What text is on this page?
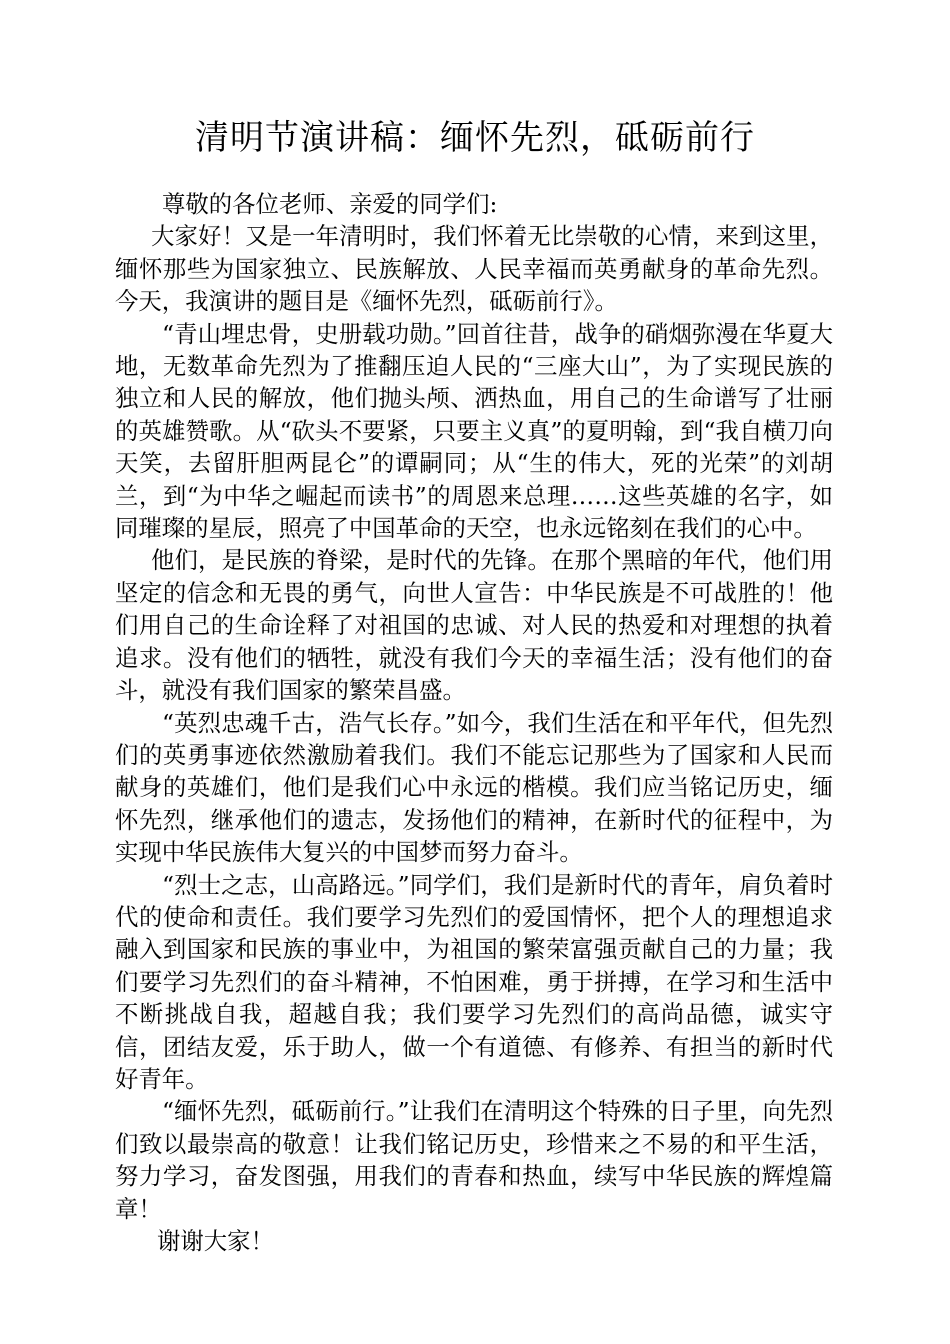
清明节演讲稿：缅怀先烈，砥砺前行

尊敬的各位老师、亲爱的同学们:

大家好！又是一年清明时，我们怀着无比崇敬的心情，来到这里，缅怀那些为国家独立、民族解放、人民幸福而英勇献身的革命先烈。今天，我演讲的题目是《缅怀先烈，砥砺前行》。

“青山埋忠骨，史册载功勋。”回首往昔，战争的硝烟弥漫在华夏大地，无数革命先烈为了推翻压迫人民的“三座大山”，为了实现民族的独立和人民的解放，他们抛头颅、洒热血，用自己的生命谱写了壮丽的英雄赞歌。从“砍头不要紧，只要主义真”的夏明翰，到“我自横刀向天笑，去留肝胆两昆仑”的谭嗣同；从“生的伟大，死的光荣”的刘胡兰，到“为中华之崛起而读书”的周恩来总理……这些英雄的名字，如同璀璨的星辰，照亮了中国革命的天空，也永远铭刻在我们的心中。

他们，是民族的脊梁，是时代的先锋。在那个黑暗的年代，他们用坚定的信念和无畏的勇气，向世人宣告：中华民族是不可战胜的！他们用自己的生命诠释了对祖国的忠诚、对人民的热爱和对理想的执着追求。没有他们的牺牲，就没有我们今天的幸福生活；没有他们的奋斗，就没有我们国家的繁荣昌盛。

“英烈忠魂千古，浩气长存。”如今，我们生活在和平年代，但先烈们的英勇事迹依然激励着我们。我们不能忘记那些为了国家和人民而献身的英雄们，他们是我们心中永远的楷模。我们应当铭记历史，缅怀先烈，继承他们的遗志，发扬他们的精神，在新时代的征程中，为实现中华民族伟大复兴的中国梦而努力奋斗。

“烈士之志，山高路远。”同学们，我们是新时代的青年，肩负着时代的使命和责任。我们要学习先烈们的爱国情怀，把个人的理想追求融入到国家和民族的事业中，为祖国的繁荣富强贡献自己的力量；我们要学习先烈们的奋斗精神，不怕困难，勇于拼搏，在学习和生活中不断挑战自我，超越自我；我们要学习先烈们的高尚品德，诚实守信，团结友爱，乐于助人，做一个有道德、有修养、有担当的新时代好青年。

“缅怀先烈，砥砺前行。”让我们在清明这个特殊的日子里，向先烈们致以最崇高的敬意！让我们铭记历史，珍惜来之不易的和平生活，努力学习，奋发图强，用我们的青春和热血，续写中华民族的辉煌篇章！

谢谢大家！
